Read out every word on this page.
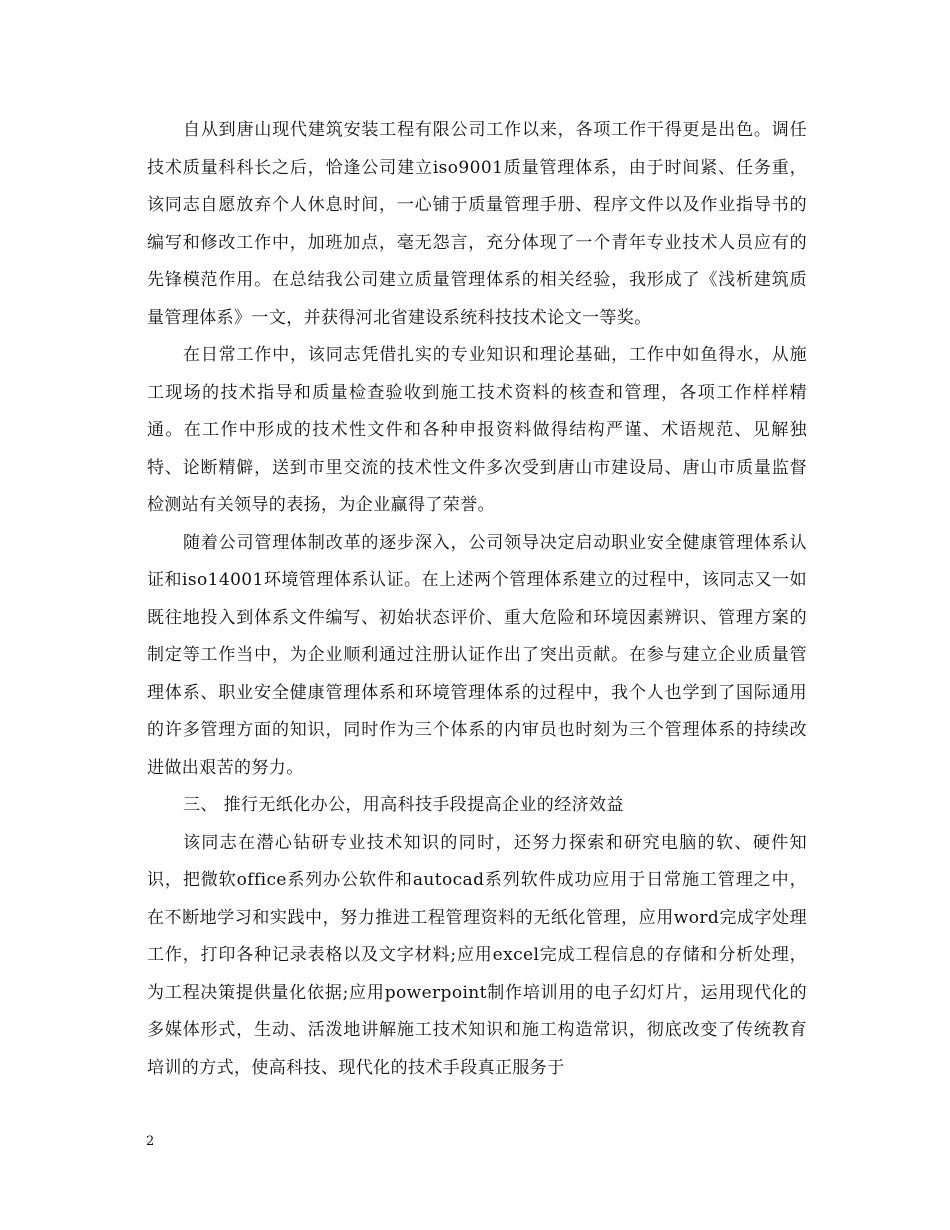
自从到唐山现代建筑安装工程有限公司工作以来，各项工作干得更是出色。调任技术质量科科长之后，恰逢公司建立iso9001质量管理体系，由于时间紧、任务重，该同志自愿放弃个人休息时间，一心铺于质量管理手册、程序文件以及作业指导书的编写和修改工作中，加班加点，毫无怨言，充分体现了一个青年专业技术人员应有的先锋模范作用。在总结我公司建立质量管理体系的相关经验，我形成了《浅析建筑质量管理体系》一文，并获得河北省建设系统科技技术论文一等奖。

在日常工作中，该同志凭借扎实的专业知识和理论基础，工作中如鱼得水，从施工现场的技术指导和质量检查验收到施工技术资料的核查和管理，各项工作样样精通。在工作中形成的技术性文件和各种申报资料做得结构严谨、术语规范、见解独特、论断精僻，送到市里交流的技术性文件多次受到唐山市建设局、唐山市质量监督检测站有关领导的表扬，为企业赢得了荣誉。

随着公司管理体制改革的逐步深入，公司领导决定启动职业安全健康管理体系认证和iso14001环境管理体系认证。在上述两个管理体系建立的过程中，该同志又一如既往地投入到体系文件编写、初始状态评价、重大危险和环境因素辨识、管理方案的制定等工作当中，为企业顺利通过注册认证作出了突出贡献。在参与建立企业质量管理体系、职业安全健康管理体系和环境管理体系的过程中，我个人也学到了国际通用的许多管理方面的知识，同时作为三个体系的内审员也时刻为三个管理体系的持续改进做出艰苦的努力。

三、 推行无纸化办公，用高科技手段提高企业的经济效益

该同志在潜心钻研专业技术知识的同时，还努力探索和研究电脑的软、硬件知识，把微软office系列办公软件和autocad系列软件成功应用于日常施工管理之中，在不断地学习和实践中，努力推进工程管理资料的无纸化管理，应用word完成字处理工作，打印各种记录表格以及文字材料;应用excel完成工程信息的存储和分析处理，为工程决策提供量化依据;应用powerpoint制作培训用的电子幻灯片，运用现代化的多媒体形式，生动、活泼地讲解施工技术知识和施工构造常识，彻底改变了传统教育培训的方式，使高科技、现代化的技术手段真正服务于

2
